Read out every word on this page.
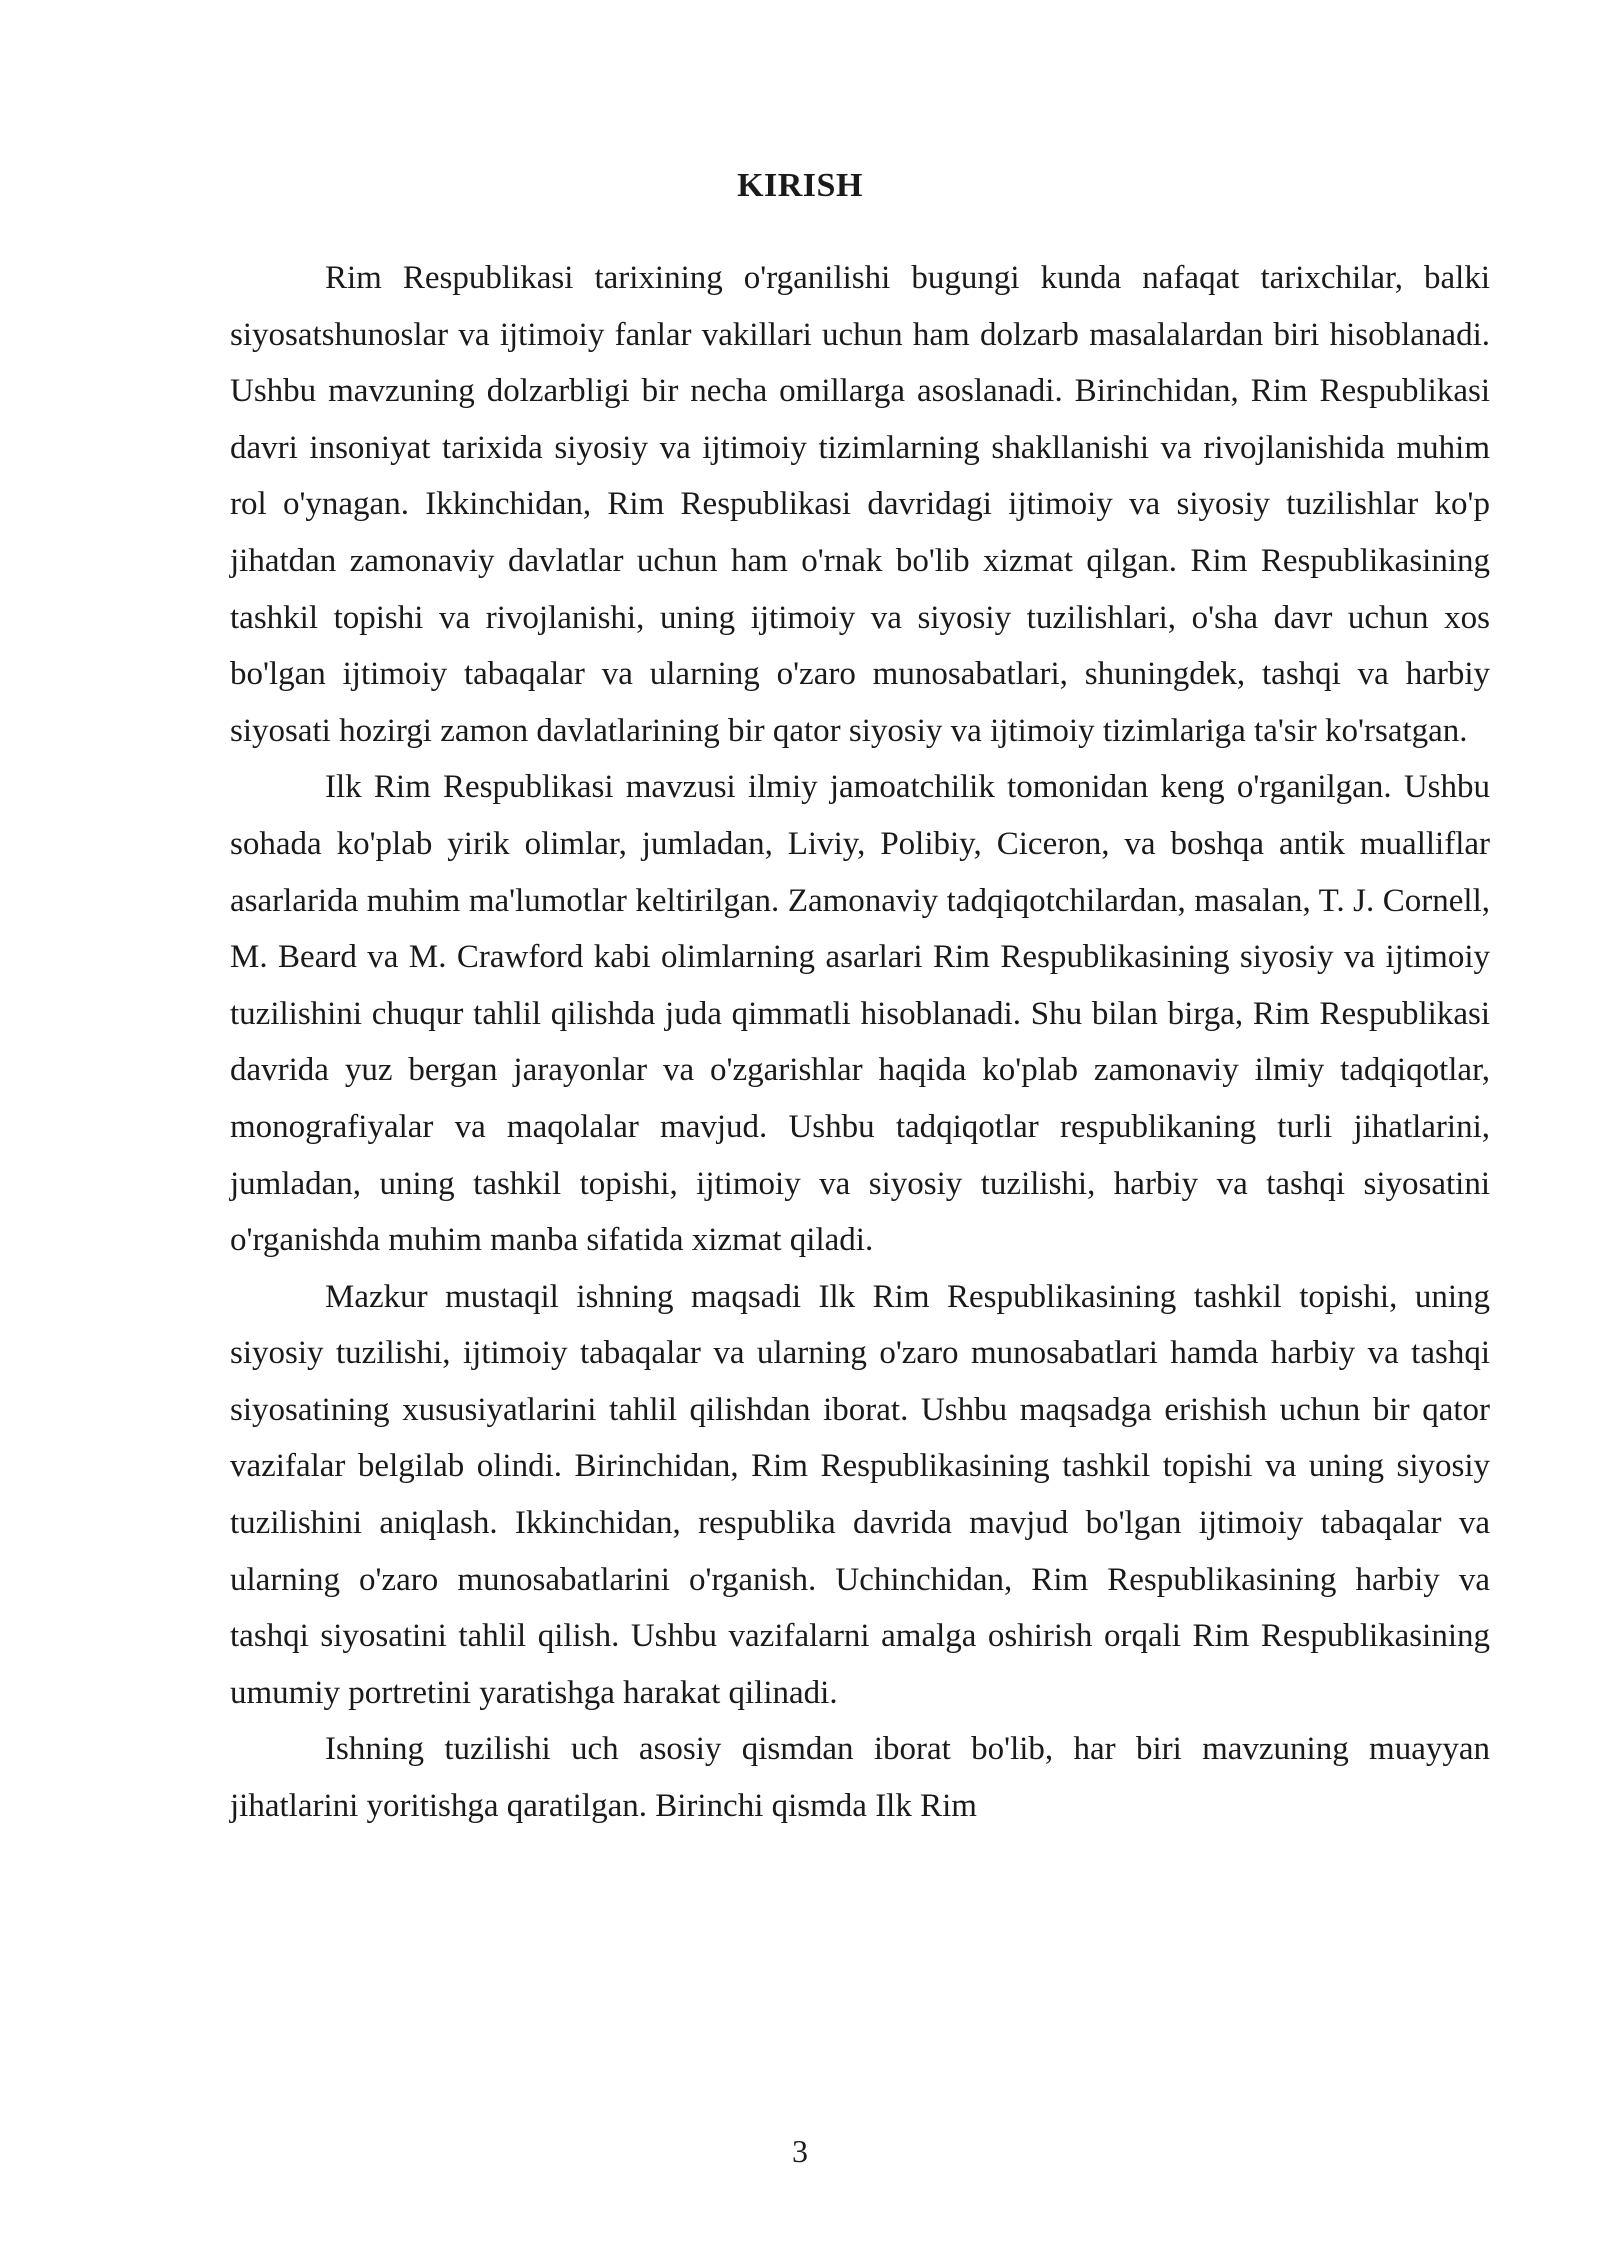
KIRISH

Rim Respublikasi tarixining o'rganilishi bugungi kunda nafaqat tarixchilar, balki siyosatshunoslar va ijtimoiy fanlar vakillari uchun ham dolzarb masalalardan biri hisoblanadi. Ushbu mavzuning dolzarbligi bir necha omillarga asoslanadi. Birinchidan, Rim Respublikasi davri insoniyat tarixida siyosiy va ijtimoiy tizimlarning shakllanishi va rivojlanishida muhim rol o'ynagan. Ikkinchidan, Rim Respublikasi davridagi ijtimoiy va siyosiy tuzilishlar ko'p jihatdan zamonaviy davlatlar uchun ham o'rnak bo'lib xizmat qilgan. Rim Respublikasining tashkil topishi va rivojlanishi, uning ijtimoiy va siyosiy tuzilishlari, o'sha davr uchun xos bo'lgan ijtimoiy tabaqalar va ularning o'zaro munosabatlari, shuningdek, tashqi va harbiy siyosati hozirgi zamon davlatlarining bir qator siyosiy va ijtimoiy tizimlariga ta'sir ko'rsatgan.

Ilk Rim Respublikasi mavzusi ilmiy jamoatchilik tomonidan keng o'rganilgan. Ushbu sohada ko'plab yirik olimlar, jumladan, Liviy, Polibiy, Ciceron, va boshqa antik mualliflar asarlarida muhim ma'lumotlar keltirilgan. Zamonaviy tadqiqotchilardan, masalan, T. J. Cornell, M. Beard va M. Crawford kabi olimlarning asarlari Rim Respublikasining siyosiy va ijtimoiy tuzilishini chuqur tahlil qilishda juda qimmatli hisoblanadi. Shu bilan birga, Rim Respublikasi davrida yuz bergan jarayonlar va o'zgarishlar haqida ko'plab zamonaviy ilmiy tadqiqotlar, monografiyalar va maqolalar mavjud. Ushbu tadqiqotlar respublikaning turli jihatlarini, jumladan, uning tashkil topishi, ijtimoiy va siyosiy tuzilishi, harbiy va tashqi siyosatini o'rganishda muhim manba sifatida xizmat qiladi.

Mazkur mustaqil ishning maqsadi Ilk Rim Respublikasining tashkil topishi, uning siyosiy tuzilishi, ijtimoiy tabaqalar va ularning o'zaro munosabatlari hamda harbiy va tashqi siyosatining xususiyatlarini tahlil qilishdan iborat. Ushbu maqsadga erishish uchun bir qator vazifalar belgilab olindi. Birinchidan, Rim Respublikasining tashkil topishi va uning siyosiy tuzilishini aniqlash. Ikkinchidan, respublika davrida mavjud bo'lgan ijtimoiy tabaqalar va ularning o'zaro munosabatlarini o'rganish. Uchinchidan, Rim Respublikasining harbiy va tashqi siyosatini tahlil qilish. Ushbu vazifalarni amalga oshirish orqali Rim Respublikasining umumiy portretini yaratishga harakat qilinadi.

Ishning tuzilishi uch asosiy qismdan iborat bo'lib, har biri mavzuning muayyan jihatlarini yoritishga qaratilgan. Birinchi qismda Ilk Rim

3
